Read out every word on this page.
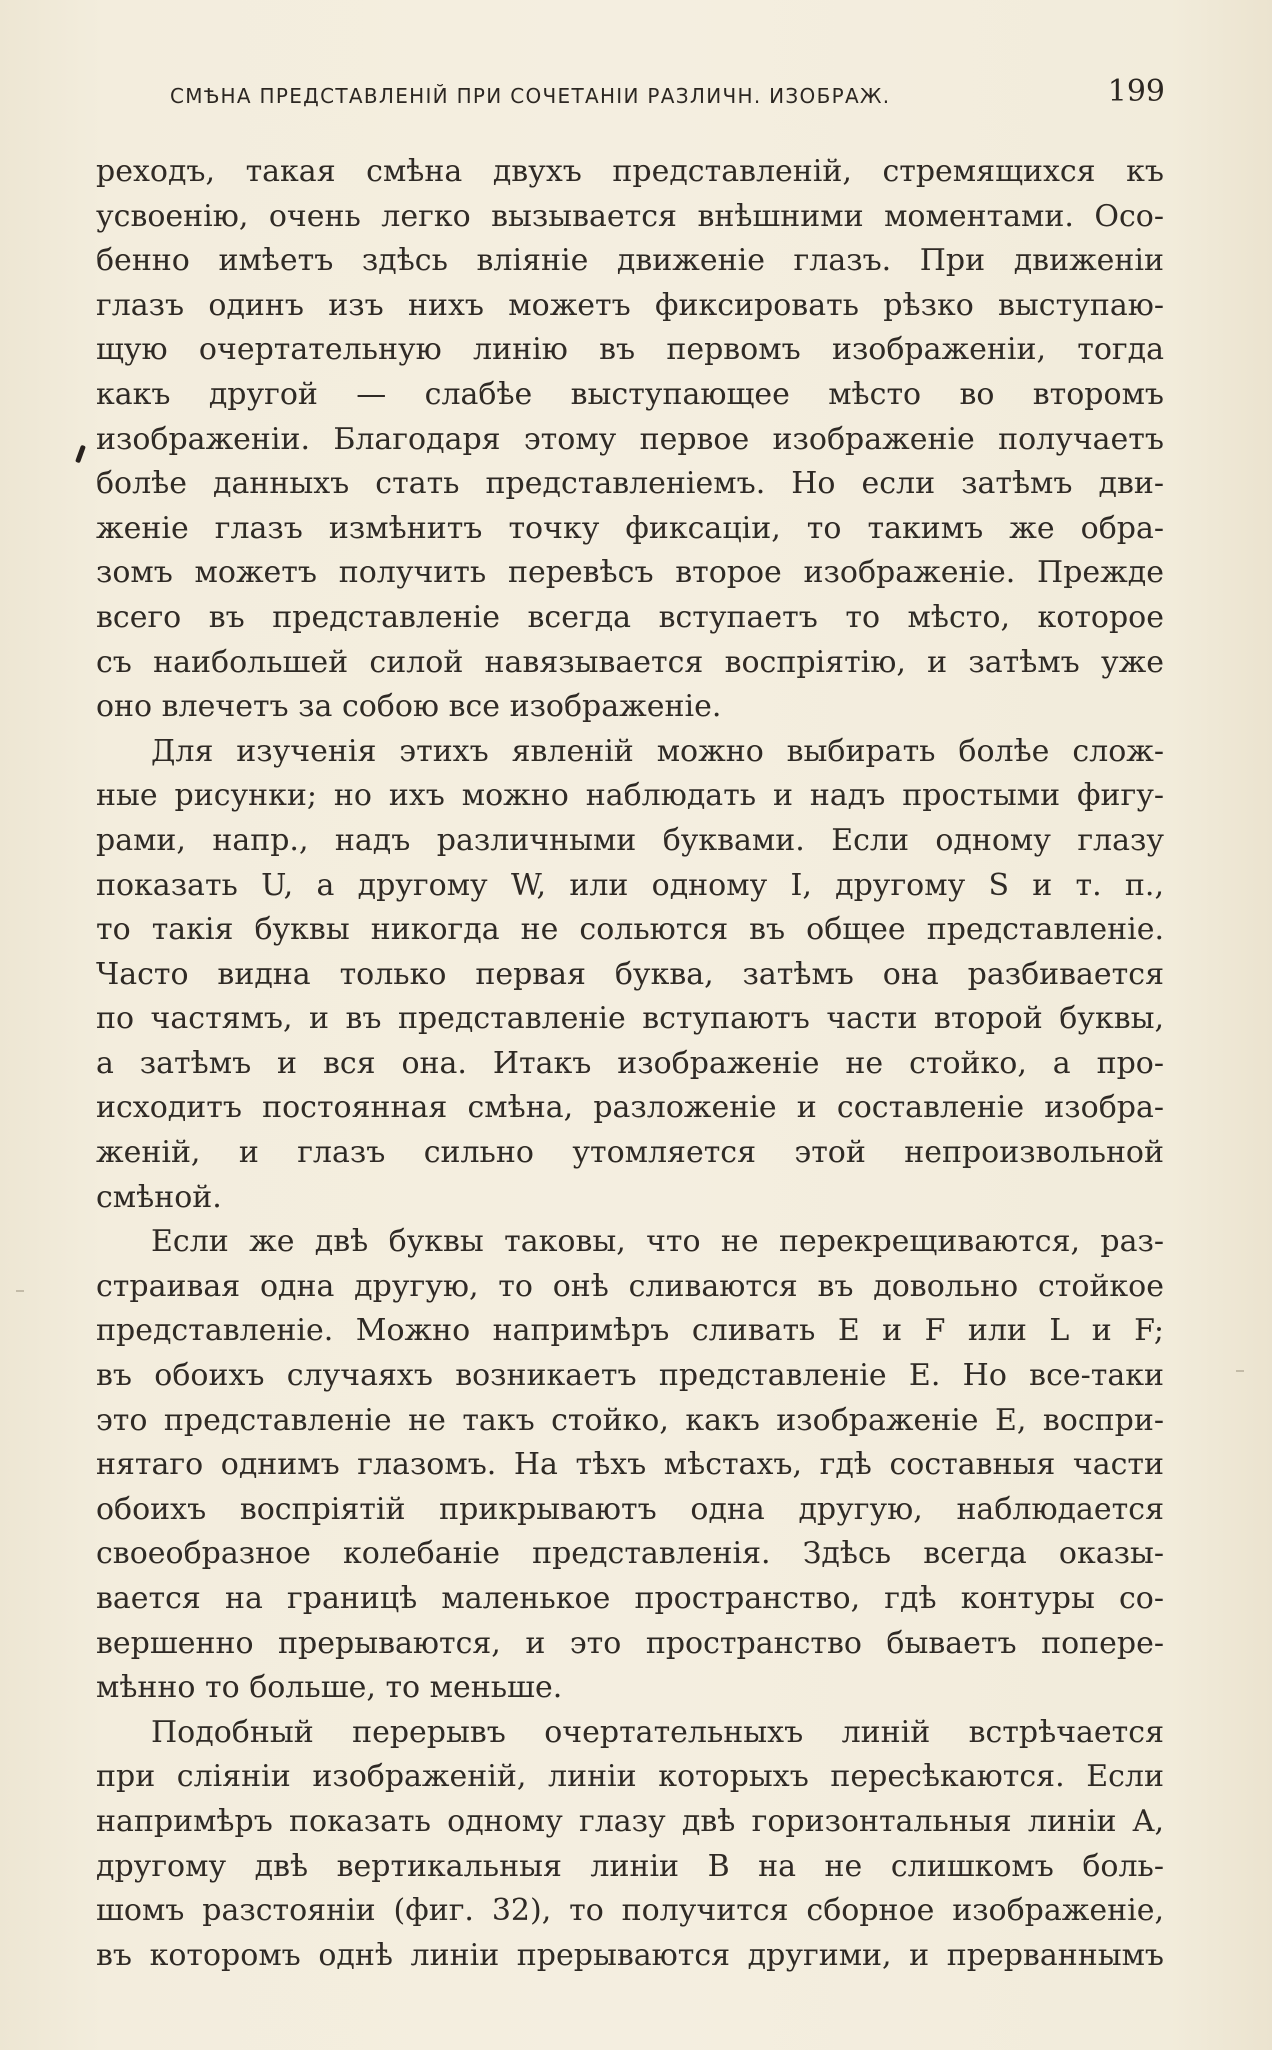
СМѢНА ПРЕДСТАВЛЕНІЙ ПРИ СОЧЕТАНІИ РАЗЛИЧН. ИЗОБРАЖ.	199
реходъ, такая смѣна двухъ представленій, стремящихся къ
усвоенію, очень легко вызывается внѣшними моментами. Осо-
бенно имѣетъ здѣсь вліяніе движеніе глазъ. При движеніи
глазъ одинъ изъ нихъ можетъ фиксировать рѣзко выступаю-
щую очертательную линію въ первомъ изображеніи, тогда
какъ другой — слабѣе выступающее мѣсто во второмъ
изображеніи. Благодаря этому первое изображеніе получаетъ
болѣе данныхъ стать представленіемъ. Но если затѣмъ дви-
женіе глазъ измѣнитъ точку фиксаціи, то такимъ же обра-
зомъ можетъ получить перевѣсъ второе изображеніе. Прежде
всего въ представленіе всегда вступаетъ то мѣсто, которое
съ наибольшей силой навязывается воспріятію, и затѣмъ уже
оно влечетъ за собою все изображеніе.
Для изученія этихъ явленій можно выбирать болѣе слож-
ные рисунки; но ихъ можно наблюдать и надъ простыми фигу-
рами, напр., надъ различными буквами. Если одному глазу
показать U, а другому W, или одному I, другому S и т. п.,
то такія буквы никогда не сольются въ общее представленіе.
Часто видна только первая буква, затѣмъ она разбивается
по частямъ, и въ представленіе вступаютъ части второй буквы,
а затѣмъ и вся она. Итакъ изображеніе не стойко, а про-
исходитъ постоянная смѣна, разложеніе и составленіе изобра-
женій, и глазъ сильно утомляется этой непроизвольной
смѣной.
Если же двѣ буквы таковы, что не перекрещиваются, раз-
страивая одна другую, то онѣ сливаются въ довольно стойкое
представленіе. Можно напримѣръ сливать E и F или L и F;
въ обоихъ случаяхъ возникаетъ представленіе E. Но все-таки
это представленіе не такъ стойко, какъ изображеніе E, воспри-
нятаго однимъ глазомъ. На тѣхъ мѣстахъ, гдѣ составныя части
обоихъ воспріятій прикрываютъ одна другую, наблюдается
своеобразное колебаніе представленія. Здѣсь всегда оказы-
вается на границѣ маленькое пространство, гдѣ контуры со-
вершенно прерываются, и это пространство бываетъ попере-
мѣнно то больше, то меньше.
Подобный перерывъ очертательныхъ линій встрѣчается
при сліяніи изображеній, линіи которыхъ пересѣкаются. Если
напримѣръ показать одному глазу двѣ горизонтальныя линіи A,
другому двѣ вертикальныя линіи B на не слишкомъ боль-
шомъ разстояніи (фиг. 32), то получится сборное изображеніе,
въ которомъ однѣ линіи прерываются другими, и прерваннымъ
